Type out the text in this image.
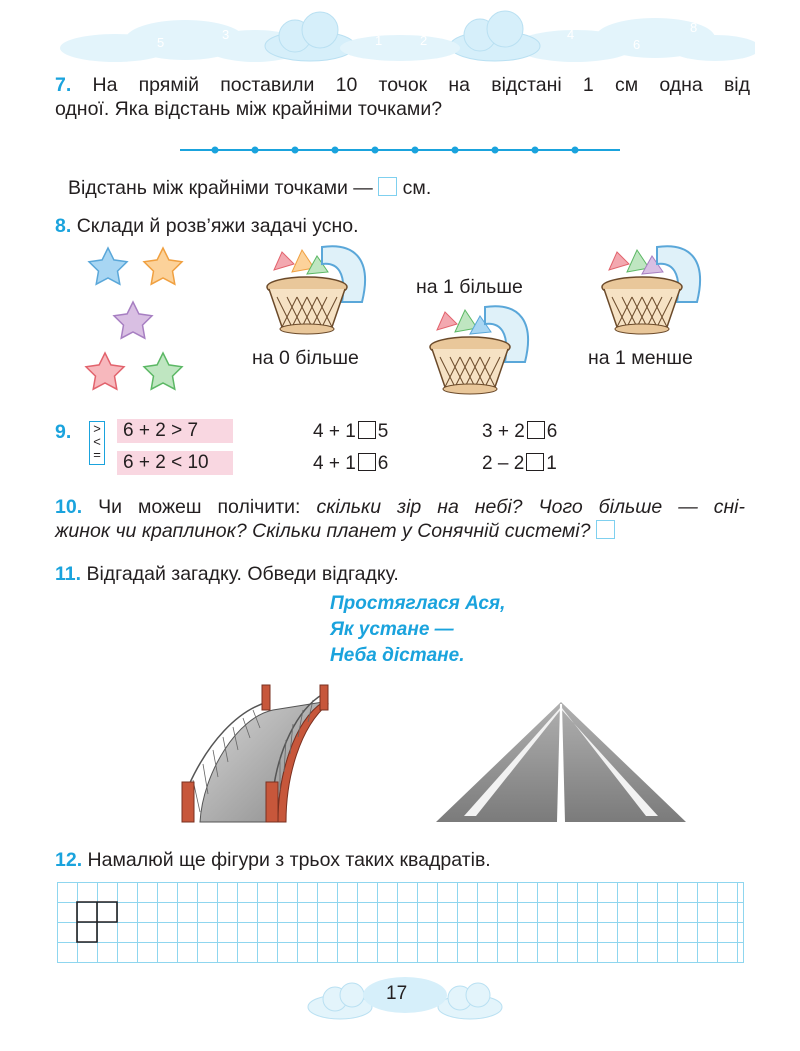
7
5
3	1
0
2	4
6
8
7. На прямій поставили 10 точок на відстані 1 см одна від
одної. Яка відстань між крайніми точками?
Відстань між крайніми точками — см.
8. Склади й розв’яжи задачі усно.
на 0 більше
на 1 більше
на 1 менше
9. >
<
=
6 + 2 > 7
6 + 2 < 10
4 + 1 5
4 + 1 6
3 + 2 6
2 – 2 1
10. Чи можеш полічити: скільки зір на небі? Чого більше — сні-
жинок чи краплинок? Скільки планет у Сонячній системі?
11. Відгадай загадку. Обведи відгадку.
Простяглася Ася,
Як устане —
Неба дістане.
12. Намалюй ще фігури з трьох таких квадратів.
17
